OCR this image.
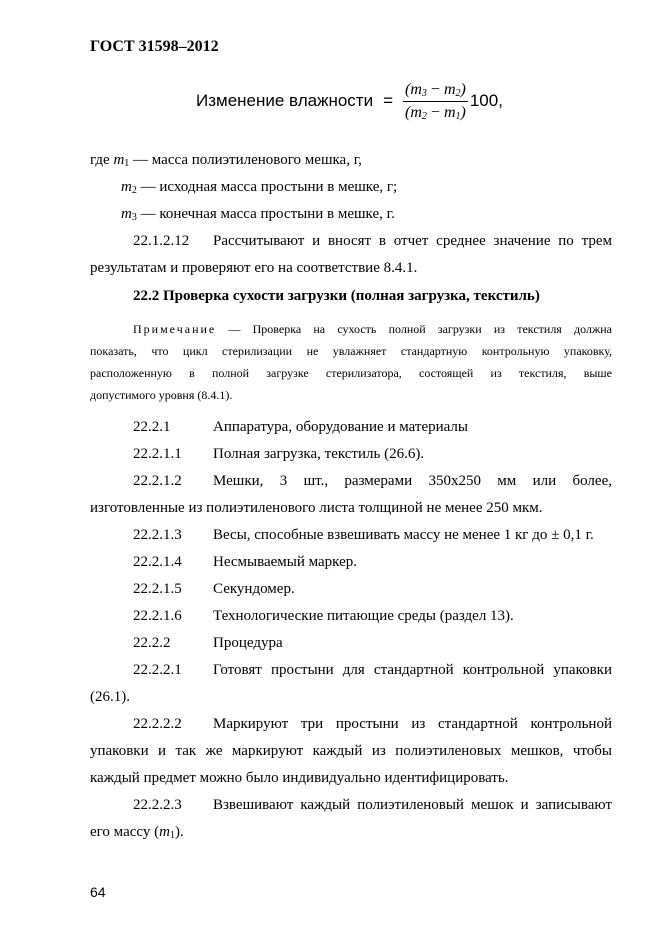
ГОСТ 31598–2012
Изменение влажности = $\frac{(m_3 - m_2)}{(m_2 - m_1)} 100$,
где $m_1$ — масса полиэтиленового мешка, г,
$m_2$ — исходная масса простыни в мешке, г;
$m_3$ — конечная масса простыни в мешке, г.
22.1.2.12 Рассчитывают и вносят в отчет среднее значение по трем
результатам и проверяют его на соответствие 8.4.1.
22.2 Проверка сухости загрузки (полная загрузка, текстиль)
Примечание — Проверка на сухость полной загрузки из текстиля должна
показать, что цикл стерилизации не увлажняет стандартную контрольную упаковку,
расположенную в полной загрузке стерилизатора, состоящей из текстиля, выше
допустимого уровня (8.4.1).
22.2.1	Аппаратура, оборудование и материалы
22.2.1.1 Полная загрузка, текстиль (26.6).
22.2.1.2 Мешки, 3 шт., размерами 350х250 мм или более,
изготовленные из полиэтиленового листа толщиной не менее 250 мкм.
22.2.1.3 Весы, способные взвешивать массу не менее 1 кг до ± 0,1 г.
22.2.1.4 Несмываемый маркер.
22.2.1.5 Секундомер.
22.2.1.6 Технологические питающие среды (раздел 13).
22.2.2	Процедура
22.2.2.1 Готовят простыни для стандартной контрольной упаковки
(26.1).
22.2.2.2 Маркируют три простыни из стандартной контрольной
упаковки и так же маркируют каждый из полиэтиленовых мешков, чтобы
каждый предмет можно было индивидуально идентифицировать.
22.2.2.3 Взвешивают каждый полиэтиленовый мешок и записывают
его массу $(m_1)$.
64
